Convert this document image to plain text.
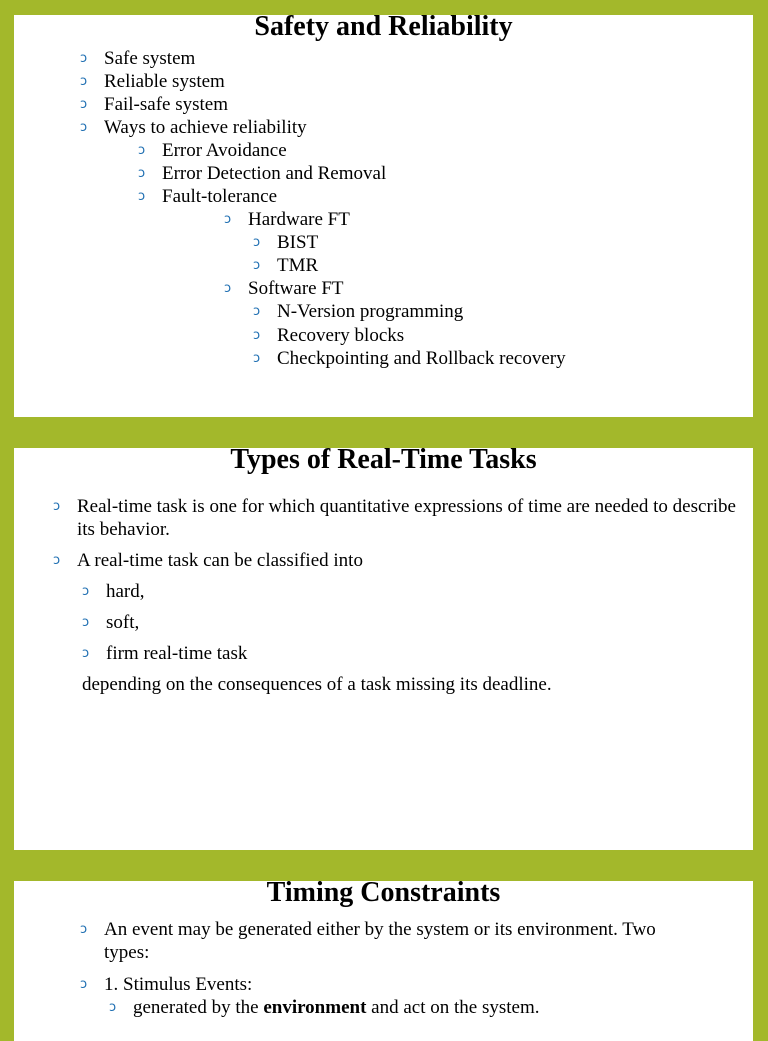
Safety and Reliability
ↄ Safe system
ↄ Reliable system
ↄ Fail-safe system
ↄ Ways to achieve reliability
ↄ Error Avoidance
ↄ Error Detection and Removal
ↄ Fault-tolerance
ↄ Hardware FT
ↄ BIST
ↄ TMR
ↄ Software FT
ↄ N-Version programming
ↄ Recovery blocks
ↄ Checkpointing and Rollback recovery
Types of Real-Time Tasks
ↄ Real-time task is one for which quantitative expressions of time are needed to describe its behavior.
ↄ A real-time task can be classified into
ↄ hard,
ↄ soft,
ↄ firm real-time task
depending on the consequences of a task missing its deadline.
Timing Constraints
ↄ An event may be generated either by the system or its environment. Two types:
ↄ 1. Stimulus Events:
ↄ generated by the environment and act on the system.
